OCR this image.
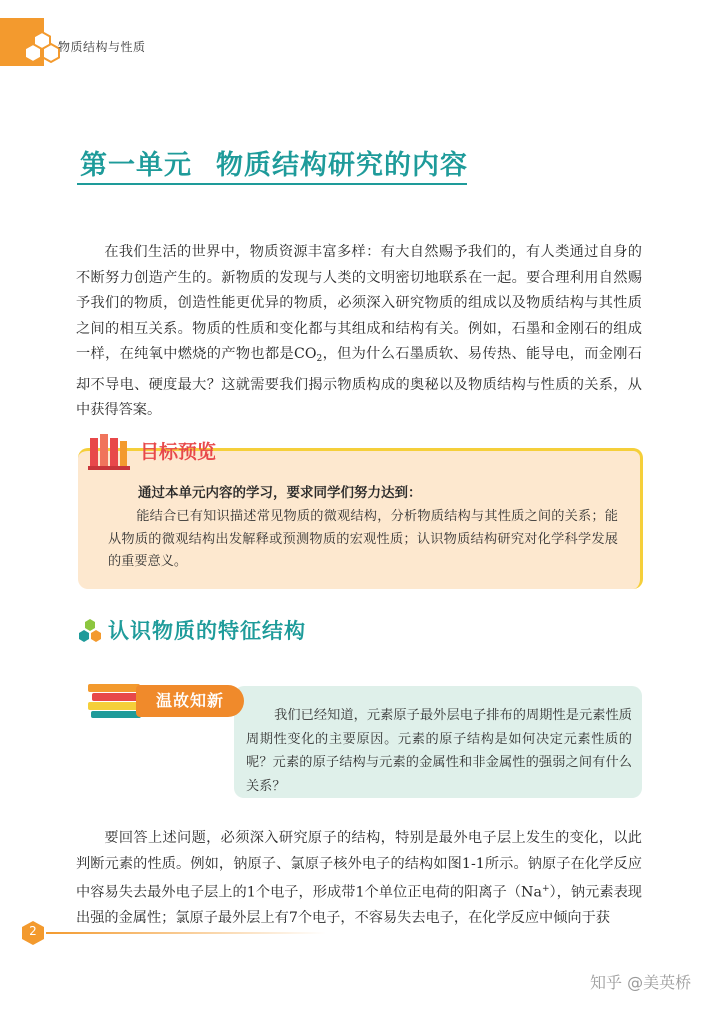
物质结构与性质
第一单元 物质结构研究的内容
在我们生活的世界中，物质资源丰富多样：有大自然赐予我们的，有人类通过自身的不断努力创造产生的。新物质的发现与人类的文明密切地联系在一起。要合理利用自然赐予我们的物质，创造性能更优异的物质，必须深入研究物质的组成以及物质结构与其性质之间的相互关系。物质的性质和变化都与其组成和结构有关。例如，石墨和金刚石的组成一样，在纯氧中燃烧的产物也都是$CO_2$，但为什么石墨质软、易传热、能导电，而金刚石却不导电、硬度最大？这就需要我们揭示物质构成的奥秘以及物质结构与性质的关系，从中获得答案。
目标预览
通过本单元内容的学习，要求同学们努力达到：
能结合已有知识描述常见物质的微观结构，分析物质结构与其性质之间的关系；能从物质的微观结构出发解释或预测物质的宏观性质；认识物质结构研究对化学科学发展的重要意义。
认识物质的特征结构
温故知新
我们已经知道，元素原子最外层电子排布的周期性是元素性质周期性变化的主要原因。元素的原子结构是如何决定元素性质的呢？元素的原子结构与元素的金属性和非金属性的强弱之间有什么关系？
要回答上述问题，必须深入研究原子的结构，特别是最外电子层上发生的变化，以此判断元素的性质。例如，钠原子、氯原子核外电子的结构如图1-1所示。钠原子在化学反应中容易失去最外电子层上的1个电子，形成带1个单位正电荷的阳离子（Na+），钠元素表现出强的金属性；氯原子最外层上有7个电子，不容易失去电子，在化学反应中倾向于获
2
知乎 @美英桥
